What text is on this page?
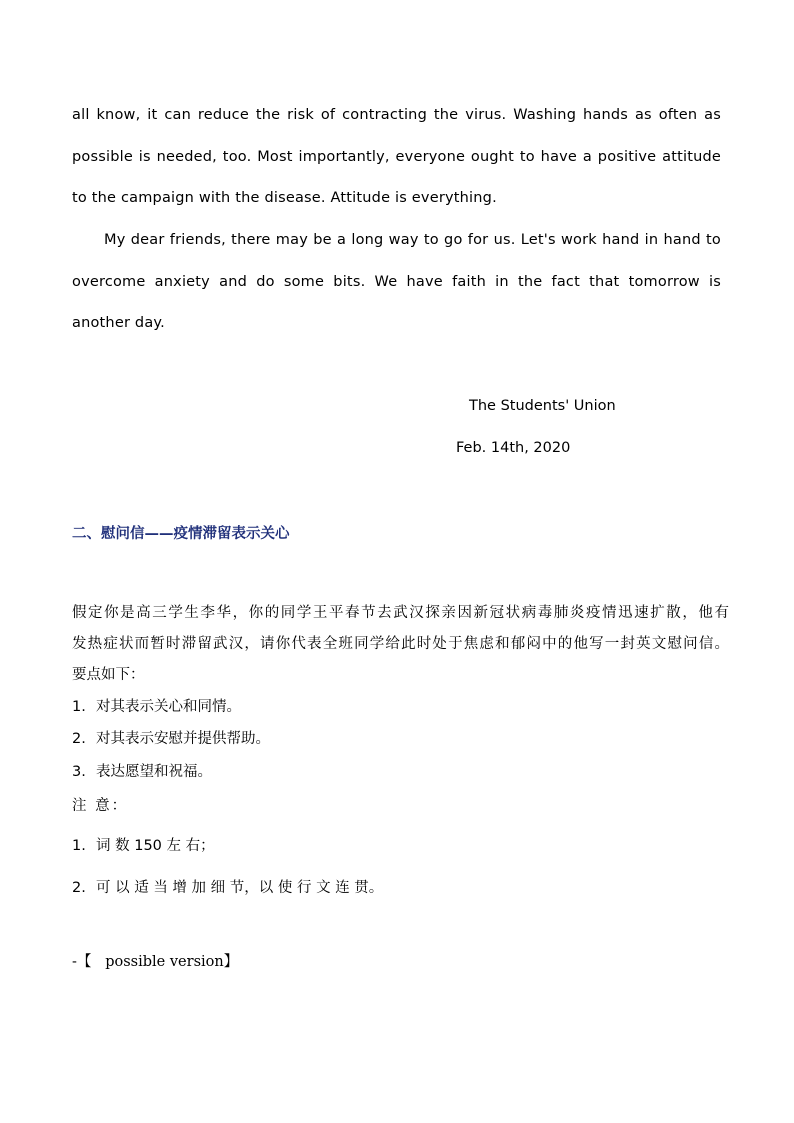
all know, it can reduce the risk of contracting the virus. Washing hands as often as
possible is needed, too. Most importantly, everyone ought to have a positive attitude
to the campaign with the disease. Attitude is everything.
My dear friends, there may be a long way to go for us. Let's work hand in hand to
overcome anxiety and do some bits. We have faith in the fact that tomorrow is
another day.
The Students' Union
Feb. 14th, 2020
二、慰问信——疫情滞留表示关心
假定你是高三学生李华，你的同学王平春节去武汉探亲因新冠状病毒肺炎疫情迅速扩散，他有
发热症状而暂时滞留武汉，请你代表全班同学给此时处于焦虑和郁闷中的他写一封英文慰问信。
要点如下：
1. 对其表示关心和同情。
2. 对其表示安慰并提供帮助。
3. 表达愿望和祝福。
注 意：
1. 词 数 150 左 右；
2. 可 以 适 当 增 加 细 节，以 使 行 文 连 贯。
-【   possible version】
